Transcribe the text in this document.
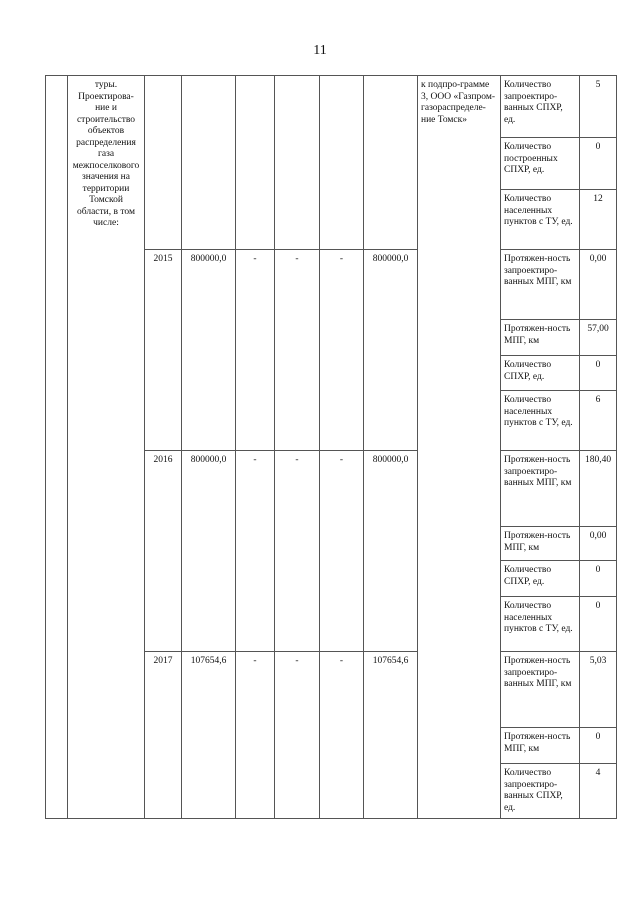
11
	туры. Проектирова-ние и строительство объектов распределения газа межпоселкового значения на территории Томской области, в том числе:							к подпро-грамме 3, ООО «Газпром-газораспределе-ние Томск»	Количество запроектиро-ванных СПХР, ед.	5
									Количество построенных СПХР, ед.	0
									Количество населенных пунктов с ТУ, ед.	12
		2015	800000,0	-	-	-	800000,0		Протяжен-ность запроектиро-ванных МПГ, км	0,00
									Протяжен-ность МПГ, км	57,00
									Количество СПХР, ед.	0
									Количество населенных пунктов с ТУ, ед.	6
		2016	800000,0	-	-	-	800000,0		Протяжен-ность запроектиро-ванных МПГ, км	180,40
									Протяжен-ность МПГ, км	0,00
									Количество СПХР, ед.	0
									Количество населенных пунктов с ТУ, ед.	0
		2017	107654,6	-	-	-	107654,6		Протяжен-ность запроектиро-ванных МПГ, км	5,03
									Протяжен-ность МПГ, км	0
									Количество запроектиро-ванных СПХР, ед.	4
